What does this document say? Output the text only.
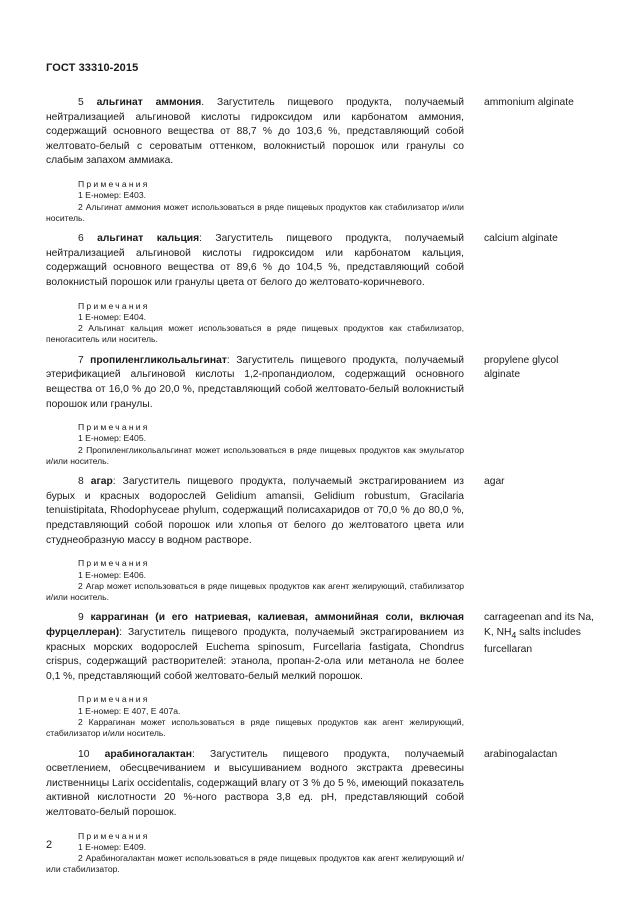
ГОСТ 33310-2015

5 альгинат аммония. Загуститель пищевого продукта, получаемый нейтрализацией альгиновой кислоты гидроксидом или карбонатом аммония, содержащий основного вещества от 88,7 % до 103,6 %, представляющий собой желтовато-белый с сероватым оттенком, волокнистый порошок или гранулы со слабым запахом аммиака.

Примечания
1 Е-номер: Е403.
2 Альгинат аммония может использоваться в ряде пищевых продуктов как стабилизатор и/или носитель.
ammonium alginate

6 альгинат кальция: Загуститель пищевого продукта, получаемый нейтрализацией альгиновой кислоты гидроксидом или карбонатом кальция, содержащий основного вещества от 89,6 % до 104,5 %, представляющий собой волокнистый порошок или гранулы цвета от белого до желтовато-коричневого.

Примечания
1 Е-номер: Е404.
2 Альгинат кальция может использоваться в ряде пищевых продуктов как стабилизатор, пеногаситель или носитель.
calcium alginate

7 пропиленгликольальгинат: Загуститель пищевого продукта, получаемый этерификацией альгиновой кислоты 1,2-пропандиолом, содержащий основного вещества от 16,0 % до 20,0 %, представляющий собой желтовато-белый волокнистый порошок или гранулы.

Примечания
1 Е-номер: Е405.
2 Пропиленгликольальгинат может использоваться в ряде пищевых продуктов как эмульгатор и/или носитель.
propylene glycol alginate

8 агар: Загуститель пищевого продукта, получаемый экстрагированием из бурых и красных водорослей Gelidium amansii, Gelidium robustum, Gracilaria tenuistipitata, Rhodophyceae phylum, содержащий полисахаридов от 70,0 % до 80,0 %, представляющий собой порошок или хлопья от белого до желтоватого цвета или студнеобразную массу в водном растворе.

Примечания
1 Е-номер: Е406.
2 Агар может использоваться в ряде пищевых продуктов как агент желирующий, стабилизатор и/или носитель.
agar

9 каррагинан (и его натриевая, калиевая, аммонийная соли, включая фурцеллеран): Загуститель пищевого продукта, получаемый экстрагированием из красных морских водорослей Euchema spinosum, Furcellaria fastigata, Chondrus crispus, содержащий растворителей: этанола, пропан-2-ола или метанола не более 0,1 %, представляющий собой желтовато-белый мелкий порошок.

Примечания
1 Е-номер: Е 407, Е 407а.
2 Каррагинан может использоваться в ряде пищевых продуктов как агент желирующий, стабилизатор и/или носитель.
carrageenan and its Na, K, $NH_4$ salts includes furcellaran

10 арабиногалактан: Загуститель пищевого продукта, получаемый осветлением, обесцвечиванием и высушиванием водного экстракта древесины лиственницы Larix occidentalis, содержащий влагу от 3 % до 5 %, имеющий показатель активной кислотности 20 %-ного раствора 3,8 ед. pH, представляющий собой желтовато-белый порошок.

Примечания
1 Е-номер: Е409.
2 Арабиногалактан может использоваться в ряде пищевых продуктов как агент желирующий и/или стабилизатор.
arabinogalactan
2
